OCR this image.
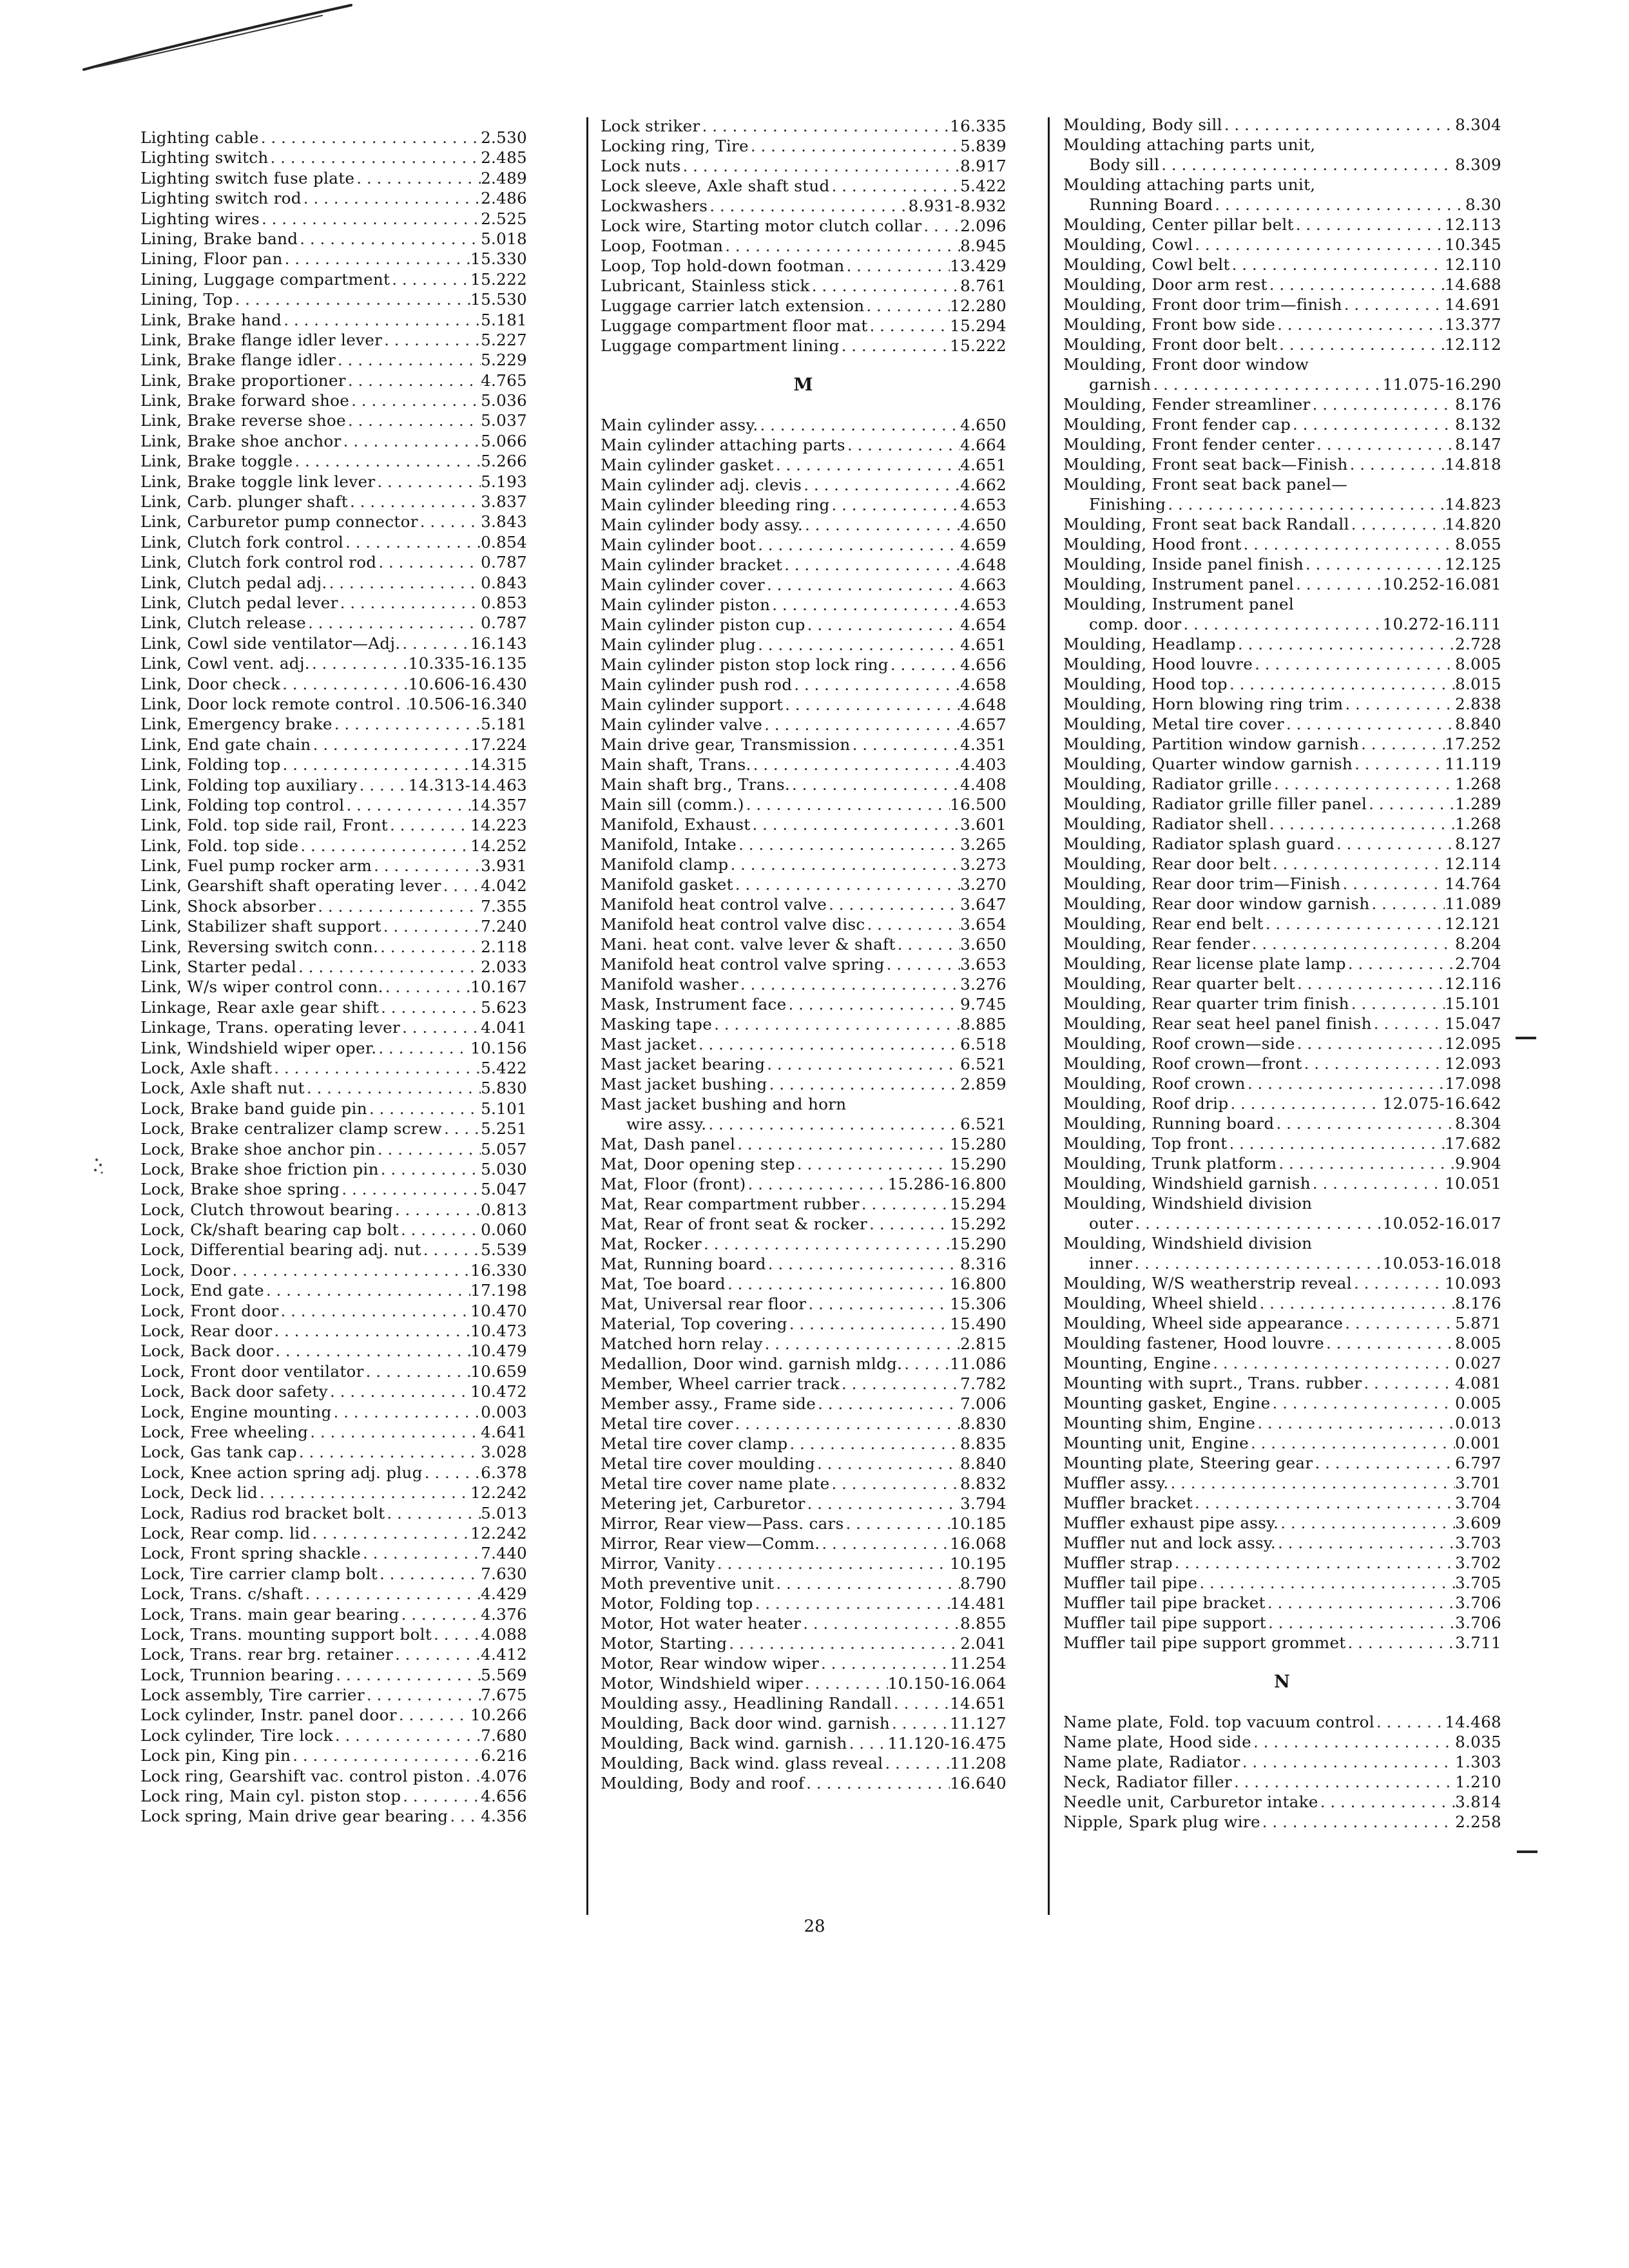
Lighting cable . . .	2.530
Lighting switch . . .	2.485
Lighting switch fuse plate . . .	2.489
Lighting switch rod . . .	2.486
Lighting wires . . .	2.525
Lining, Brake band . . .	5.018
Lining, Floor pan . . .	15.330
Lining, Luggage compartment . . .	15.222
Lining, Top . . .	15.530
Link, Brake hand . . .	5.181
Link, Brake flange idler lever . . .	5.227
Link, Brake flange idler . . .	5.229
Link, Brake proportioner . . .	4.765
Link, Brake forward shoe . . .	5.036
Link, Brake reverse shoe . . .	5.037
Link, Brake shoe anchor . . .	5.066
Link, Brake toggle . . .	5.266
Link, Brake toggle link lever . . .	5.193
Link, Carb. plunger shaft . . .	3.837
Link, Carburetor pump connector . . .	3.843
Link, Clutch fork control . . .	0.854
Link, Clutch fork control rod . . .	0.787
Link, Clutch pedal adj. . . .	0.843
Link, Clutch pedal lever . . .	0.853
Link, Clutch release . . .	0.787
Link, Cowl side ventilator—Adj. . . .	16.143
Link, Cowl vent. adj. . . .	10.335-16.135
Link, Door check . . .	10.606-16.430
Link, Door lock remote control . . . 10.506-16.340
Link, Emergency brake . . .	5.181
Link, End gate chain . . .	17.224
Link, Folding top . . .	14.315
Link, Folding top auxiliary . . .	14.313-14.463
Link, Folding top control . . .	14.357
Link, Fold. top side rail, Front . . .	14.223
Link, Fold. top side . . .	14.252
Link, Fuel pump rocker arm . . .	3.931
Link, Gearshift shaft operating lever . . . 4.042
Link, Shock absorber . . .	7.355
Link, Stabilizer shaft support . . .	7.240
Link, Reversing switch conn. . . .	2.118
Link, Starter pedal . . .	2.033
Link, W/s wiper control conn. . . .	10.167
Linkage, Rear axle gear shift . . .	5.623
Linkage, Trans. operating lever . . .	4.041
Link, Windshield wiper oper. . . .	10.156
Lock, Axle shaft . . .	5.422
Lock, Axle shaft nut . . .	5.830
Lock, Brake band guide pin . . .	5.101
Lock, Brake centralizer clamp screw . . . 5.251
Lock, Brake shoe anchor pin . . .	5.057
Lock, Brake shoe friction pin . . .	5.030
Lock, Brake shoe spring . . .	5.047
Lock, Clutch throwout bearing . . .	0.813
Lock, Ck/shaft bearing cap bolt . . .	0.060
Lock, Differential bearing adj. nut . . .	5.539
Lock, Door . . .	16.330
Lock, End gate . . .	17.198
Lock, Front door . . .	10.470
Lock, Rear door . . .	10.473
Lock, Back door . . .	10.479
Lock, Front door ventilator . . .	10.659
Lock, Back door safety . . .	10.472
Lock, Engine mounting . . .	0.003
Lock, Free wheeling . . .	4.641
Lock, Gas tank cap . . .	3.028
Lock, Knee action spring adj. plug . . .	6.378
Lock, Deck lid . . .	12.242
Lock, Radius rod bracket bolt . . .	5.013
Lock, Rear comp. lid . . .	12.242
Lock, Front spring shackle . . .	7.440
Lock, Tire carrier clamp bolt . . .	7.630
Lock, Trans. c/shaft . . .	4.429
Lock, Trans. main gear bearing . . .	4.376
Lock, Trans. mounting support bolt . . .	4.088
Lock, Trans. rear brg. retainer . . .	4.412
Lock, Trunnion bearing . . .	5.569
Lock assembly, Tire carrier . . .	7.675
Lock cylinder, Instr. panel door . . .	10.266
Lock cylinder, Tire lock . . .	7.680
Lock pin, King pin . . .	6.216
Lock ring, Gearshift vac. control piston . . . 4.076
Lock ring, Main cyl. piston stop . . .	4.656
Lock spring, Main drive gear bearing . . . 4.356
Lock striker . . .	16.335
Locking ring, Tire . . .	5.839
Lock nuts . . .	8.917
Lock sleeve, Axle shaft stud . . .	5.422
Lockwashers . . .	8.931-8.932
Lock wire, Starting motor clutch collar . . . 2.096
Loop, Footman . . .	8.945
Loop, Top hold-down footman . . .	13.429
Lubricant, Stainless stick . . .	8.761
Luggage carrier latch extension . . .	12.280
Luggage compartment floor mat . . .	15.294
Luggage compartment lining . . .	15.222
M
Main cylinder assy. . . .	4.650
Main cylinder attaching parts . . .	4.664
Main cylinder gasket . . .	4.651
Main cylinder adj. clevis . . .	4.662
Main cylinder bleeding ring . . .	4.653
Main cylinder body assy. . . .	4.650
Main cylinder boot . . .	4.659
Main cylinder bracket . . .	4.648
Main cylinder cover . . .	4.663
Main cylinder piston . . .	4.653
Main cylinder piston cup . . .	4.654
Main cylinder plug . . .	4.651
Main cylinder piston stop lock ring . . .	4.656
Main cylinder push rod . . .	4.658
Main cylinder support . . .	4.648
Main cylinder valve . . .	4.657
Main drive gear, Transmission . . .	4.351
Main shaft, Trans. . . .	4.403
Main shaft brg., Trans. . . .	4.408
Main sill (comm.) . . .	16.500
Manifold, Exhaust . . .	3.601
Manifold, Intake . . .	3.265
Manifold clamp . . .	3.273
Manifold gasket . . .	3.270
Manifold heat control valve . . .	3.647
Manifold heat control valve disc . . .	3.654
Mani. heat cont. valve lever & shaft . . .	3.650
Manifold heat control valve spring . . .	3.653
Manifold washer . . .	3.276
Mask, Instrument face . . .	9.745
Masking tape . . .	8.885
Mast jacket . . .	6.518
Mast jacket bearing . . .	6.521
Mast jacket bushing . . .	2.859
Mast jacket bushing and horn
wire assy. . . .	6.521
Mat, Dash panel . . .	15.280
Mat, Door opening step . . .	15.290
Mat, Floor (front) . . .	15.286-16.800
Mat, Rear compartment rubber . . .	15.294
Mat, Rear of front seat & rocker . . .	15.292
Mat, Rocker . . .	15.290
Mat, Running board . . .	8.316
Mat, Toe board . . .	16.800
Mat, Universal rear floor . . .	15.306
Material, Top covering . . .	15.490
Matched horn relay . . .	2.815
Medallion, Door wind. garnish mldg. . . .	11.086
Member, Wheel carrier track . . .	7.782
Member assy., Frame side . . .	7.006
Metal tire cover . . .	8.830
Metal tire cover clamp . . .	8.835
Metal tire cover moulding . . .	8.840
Metal tire cover name plate . . .	8.832
Metering jet, Carburetor . . .	3.794
Mirror, Rear view—Pass. cars . . .	10.185
Mirror, Rear view—Comm. . . .	16.068
Mirror, Vanity . . .	10.195
Moth preventive unit . . .	8.790
Motor, Folding top . . .	14.481
Motor, Hot water heater . . .	8.855
Motor, Starting . . .	2.041
Motor, Rear window wiper . . .	11.254
Motor, Windshield wiper . . .	10.150-16.064
Moulding assy., Headlining Randall . . .	14.651
Moulding, Back door wind. garnish . . .	11.127
Moulding, Back wind. garnish . . .	11.120-16.475
Moulding, Back wind. glass reveal . . .	11.208
Moulding, Body and roof . . .	16.640
Moulding, Body sill . . .	8.304
Moulding attaching parts unit,
Body sill . . .	8.309
Moulding attaching parts unit,
Running Board . . .	8.30
Moulding, Center pillar belt . . .	12.113
Moulding, Cowl . . .	10.345
Moulding, Cowl belt . . .	12.110
Moulding, Door arm rest . . .	14.688
Moulding, Front door trim—finish . . .	14.691
Moulding, Front bow side . . .	13.377
Moulding, Front door belt . . .	12.112
Moulding, Front door window
garnish . . .	11.075-16.290
Moulding, Fender streamliner . . .	8.176
Moulding, Front fender cap . . .	8.132
Moulding, Front fender center . . .	8.147
Moulding, Front seat back—Finish . . .	14.818
Moulding, Front seat back panel—
Finishing . . .	14.823
Moulding, Front seat back Randall . . .	14.820
Moulding, Hood front . . .	8.055
Moulding, Inside panel finish . . .	12.125
Moulding, Instrument panel . . .	10.252-16.081
Moulding, Instrument panel
comp. door . . .	10.272-16.111
Moulding, Headlamp . . .	2.728
Moulding, Hood louvre . . .	8.005
Moulding, Hood top . . .	8.015
Moulding, Horn blowing ring trim . . .	2.838
Moulding, Metal tire cover . . .	8.840
Moulding, Partition window garnish . . .	17.252
Moulding, Quarter window garnish . . .	11.119
Moulding, Radiator grille . . .	1.268
Moulding, Radiator grille filler panel . . .	1.289
Moulding, Radiator shell . . .	1.268
Moulding, Radiator splash guard . . .	8.127
Moulding, Rear door belt . . .	12.114
Moulding, Rear door trim—Finish . . .	14.764
Moulding, Rear door window garnish . . .	11.089
Moulding, Rear end belt . . .	12.121
Moulding, Rear fender . . .	8.204
Moulding, Rear license plate lamp . . .	2.704
Moulding, Rear quarter belt . . .	12.116
Moulding, Rear quarter trim finish . . .	15.101
Moulding, Rear seat heel panel finish . . .	15.047
Moulding, Roof crown—side . . .	12.095
Moulding, Roof crown—front . . .	12.093
Moulding, Roof crown . . .	17.098
Moulding, Roof drip . . .	12.075-16.642
Moulding, Running board . . .	8.304
Moulding, Top front . . .	17.682
Moulding, Trunk platform . . .	9.904
Moulding, Windshield garnish . . .	10.051
Moulding, Windshield division
outer . . .	10.052-16.017
Moulding, Windshield division
inner . . .	10.053-16.018
Moulding, W/S weatherstrip reveal . . .	10.093
Moulding, Wheel shield . . .	8.176
Moulding, Wheel side appearance . . .	5.871
Moulding fastener, Hood louvre . . .	8.005
Mounting, Engine . . .	0.027
Mounting with suprt., Trans. rubber . . .	4.081
Mounting gasket, Engine . . .	0.005
Mounting shim, Engine . . .	0.013
Mounting unit, Engine . . .	0.001
Mounting plate, Steering gear . . .	6.797
Muffler assy. . . .	3.701
Muffler bracket . . .	3.704
Muffler exhaust pipe assy. . . .	3.609
Muffler nut and lock assy. . . .	3.703
Muffler strap . . .	3.702
Muffler tail pipe . . .	3.705
Muffler tail pipe bracket . . .	3.706
Muffler tail pipe support . . .	3.706
Muffler tail pipe support grommet . . .	3.711
N
Name plate, Fold. top vacuum control . . .	14.468
Name plate, Hood side . . .	8.035
Name plate, Radiator . . .	1.303
Neck, Radiator filler . . .	1.210
Needle unit, Carburetor intake . . .	3.814
Nipple, Spark plug wire . . .	2.258
28
